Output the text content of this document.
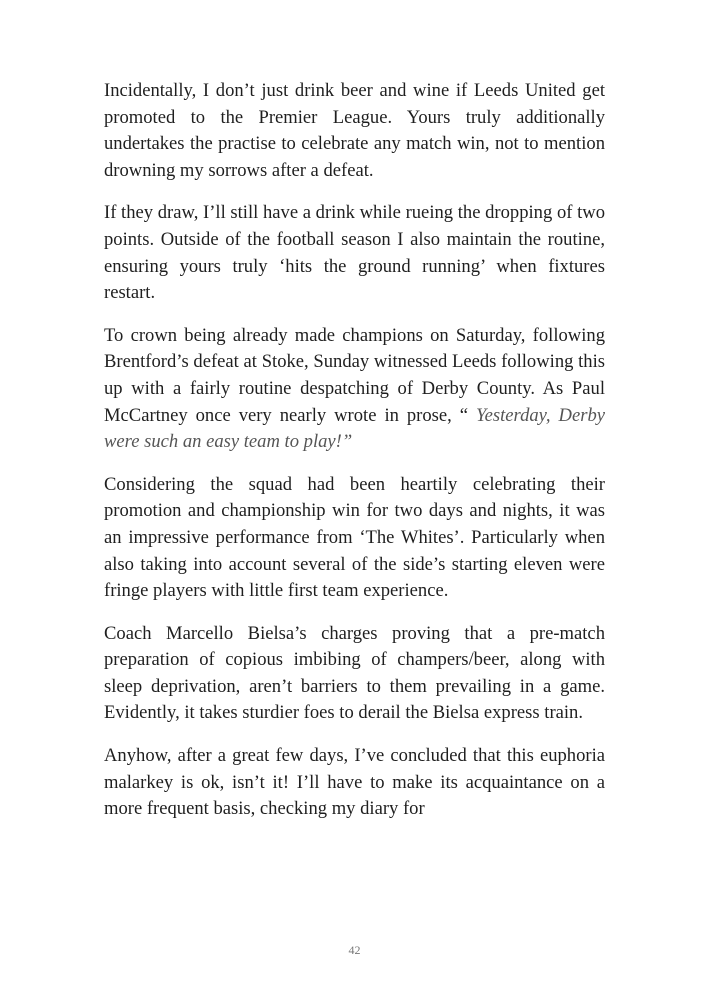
Incidentally, I don’t just drink beer and wine if Leeds United get promoted to the Premier League. Yours truly additionally undertakes the practise to celebrate any match win, not to mention drowning my sorrows after a defeat.

If they draw, I’ll still have a drink while rueing the dropping of two points. Outside of the football season I also maintain the routine, ensuring yours truly ‘hits the ground running’ when fixtures restart.

To crown being already made champions on Saturday, following Brentford’s defeat at Stoke, Sunday witnessed Leeds following this up with a fairly routine despatching of Derby County. As Paul McCartney once very nearly wrote in prose, “ Yesterday, Derby were such an easy team to play!”

Considering the squad had been heartily celebrating their promotion and championship win for two days and nights, it was an impressive performance from ‘The Whites’. Particularly when also taking into account several of the side’s starting eleven were fringe players with little first team experience.

Coach Marcello Bielsa’s charges proving that a pre-match preparation of copious imbibing of champers/beer, along with sleep deprivation, aren’t barriers to them prevailing in a game. Evidently, it takes sturdier foes to derail the Bielsa express train.

Anyhow, after a great few days, I’ve concluded that this euphoria malarkey is ok, isn’t it! I’ll have to make its acquaintance on a more frequent basis, checking my diary for

42
